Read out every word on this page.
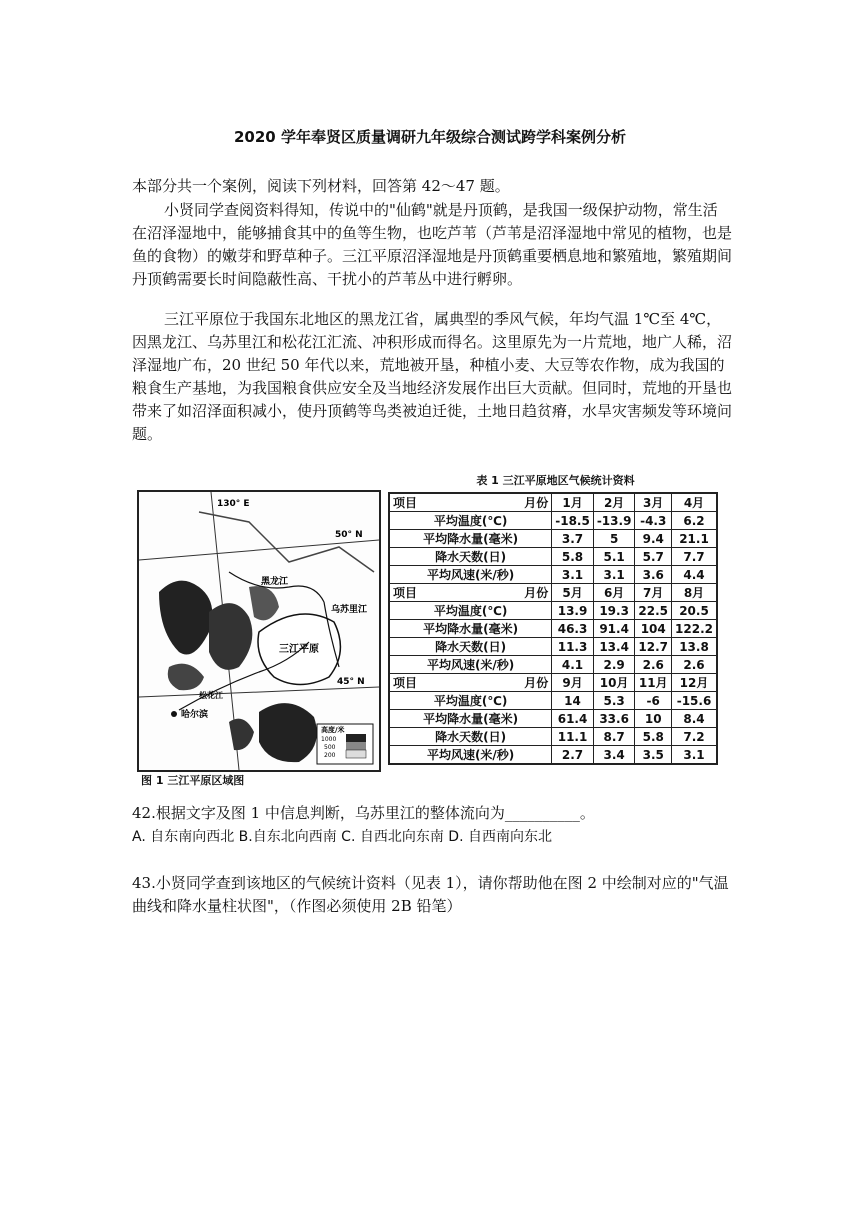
2020 学年奉贤区质量调研九年级综合测试跨学科案例分析
本部分共一个案例，阅读下列材料，回答第 42～47 题。
小贤同学查阅资料得知，传说中的"仙鹤"就是丹顶鹤，是我国一级保护动物，常生活在沼泽湿地中，能够捕食其中的鱼等生物，也吃芦苇（芦苇是沼泽湿地中常见的植物，也是鱼的食物）的嫩芽和野草种子。三江平原沼泽湿地是丹顶鹤重要栖息地和繁殖地，繁殖期间丹顶鹤需要长时间隐蔽性高、干扰小的芦苇丛中进行孵卵。
三江平原位于我国东北地区的黑龙江省，属典型的季风气候，年均气温 1℃至 4℃，因黑龙江、乌苏里江和松花江汇流、冲积形成而得名。这里原先为一片荒地，地广人稀，沼泽湿地广布，20 世纪 50 年代以来，荒地被开垦，种植小麦、大豆等农作物，成为我国的粮食生产基地，为我国粮食供应安全及当地经济发展作出巨大贡献。但同时，荒地的开垦也带来了如沼泽面积减小，使丹顶鹤等鸟类被迫迁徙，土地日趋贫瘠，水旱灾害频发等环境问题。
130° E
50° N
45° N
黑龙江
乌苏里江
三江平原
哈尔滨
松花江
高度/米
1000
500
200
图 1 三江平原区域图
表 1 三江平原地区气候统计资料
项目 月份	1月	2月	3月	4月
平均温度(℃)	-18.5	-13.9	-4.3	6.2
平均降水量(毫米)	3.7	5	9.4	21.1
降水天数(日)	5.8	5.1	5.7	7.7
平均风速(米/秒)	3.1	3.1	3.6	4.4
项目 月份	5月	6月	7月	8月
平均温度(℃)	13.9	19.3	22.5	20.5
平均降水量(毫米)	46.3	91.4	104	122.2
降水天数(日)	11.3	13.4	12.7	13.8
平均风速(米/秒)	4.1	2.9	2.6	2.6
项目 月份	9月	10月	11月	12月
平均温度(℃)	14	5.3	-6	-15.6
平均降水量(毫米)	61.4	33.6	10	8.4
降水天数(日)	11.1	8.7	5.8	7.2
平均风速(米/秒)	2.7	3.4	3.5	3.1
42.根据文字及图 1 中信息判断，乌苏里江的整体流向为__________。
A. 自东南向西北 B.自东北向西南 C. 自西北向东南 D. 自西南向东北
43.小贤同学查到该地区的气候统计资料（见表 1），请你帮助他在图 2 中绘制对应的"气温曲线和降水量柱状图"，（作图必须使用 2B 铅笔）
